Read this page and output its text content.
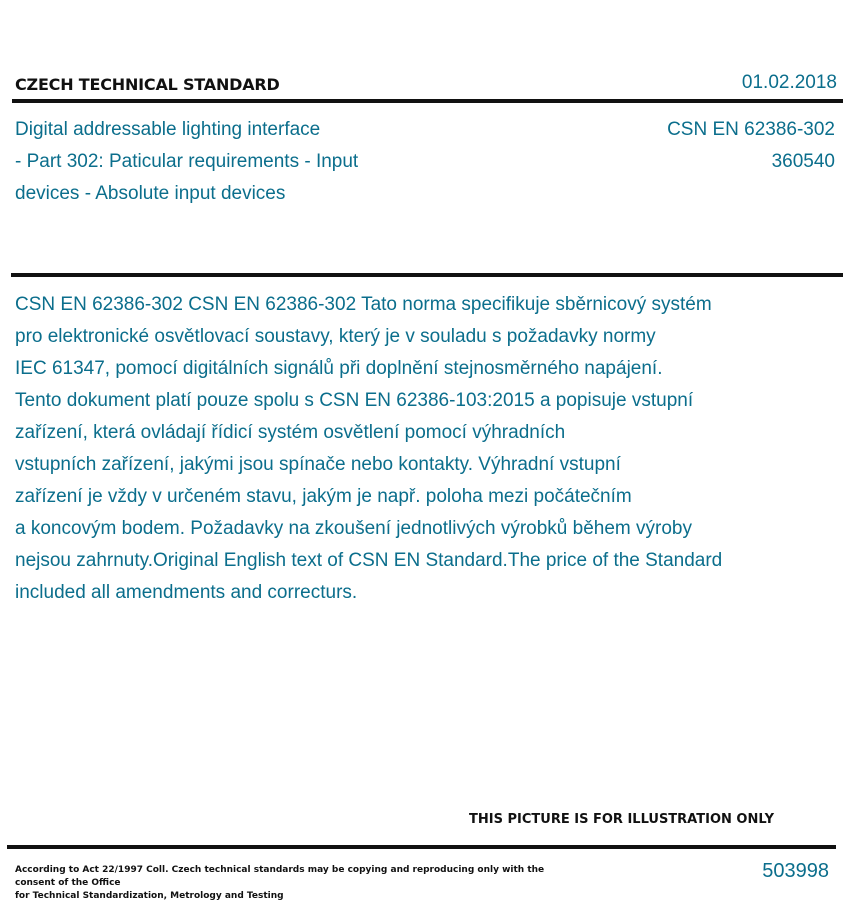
CZECH TECHNICAL STANDARD	01.02.2018
Digital addressable lighting interface
- Part 302: Paticular requirements - Input
devices - Absolute input devices
CSN EN 62386-302
360540
CSN EN 62386-302 CSN EN 62386-302 Tato norma specifikuje sběrnicový systém
pro elektronické osvětlovací soustavy, který je v souladu s požadavky normy
IEC 61347, pomocí digitálních signálů při doplnění stejnosměrného napájení.
Tento dokument platí pouze spolu s CSN EN 62386-103:2015 a popisuje vstupní
zařízení, která ovládají řídicí systém osvětlení pomocí výhradních
vstupních zařízení, jakými jsou spínače nebo kontakty. Výhradní vstupní
zařízení je vždy v určeném stavu, jakým je např. poloha mezi počátečním
a koncovým bodem. Požadavky na zkoušení jednotlivých výrobků během výroby
nejsou zahrnuty.Original English text of CSN EN Standard.The price of the Standard
included all amendments and correcturs.
THIS PICTURE IS FOR ILLUSTRATION ONLY
According to Act 22/1997 Coll. Czech technical standards may be copying and reproducing only with the consent of the Office
for Technical Standardization, Metrology and Testing
503998
